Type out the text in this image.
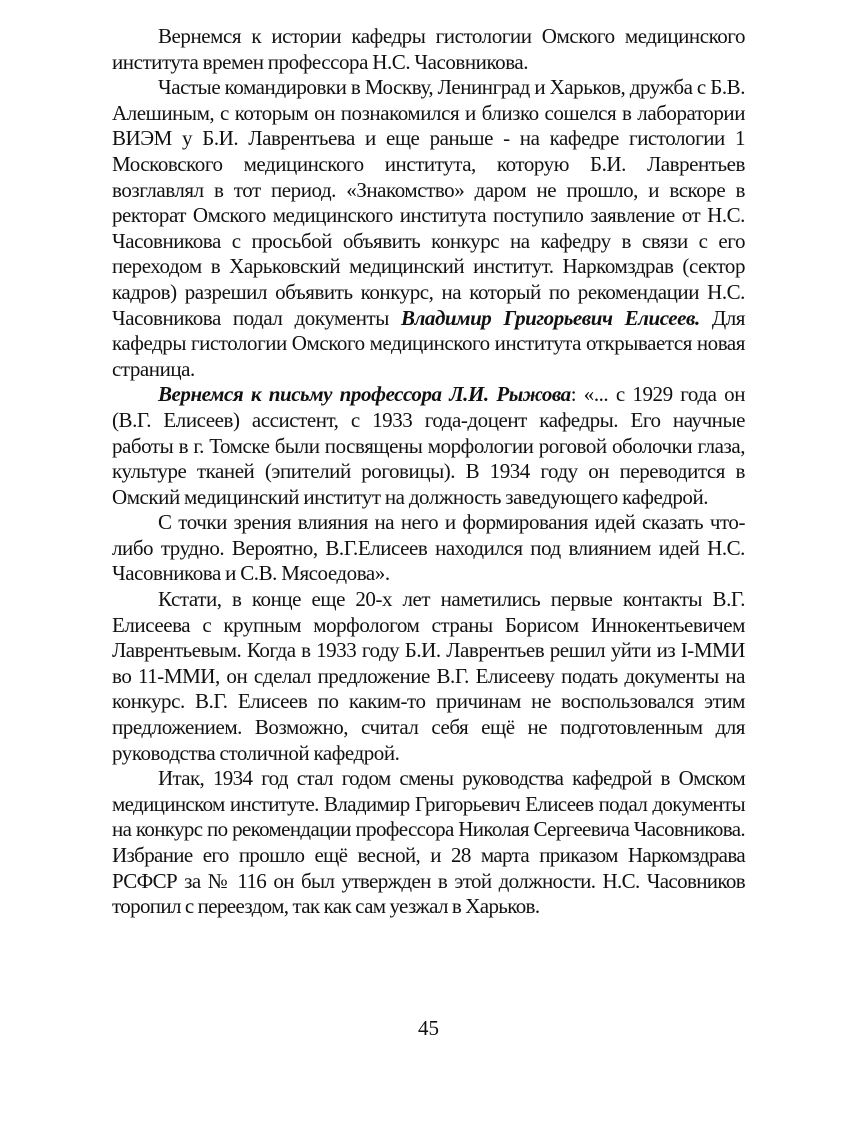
Вернемся к истории кафедры гистологии Омского медицинского института времен профессора Н.С. Часовникова.

Частые командировки в Москву, Ленинград и Харьков, дружба с Б.В. Алешиным, с которым он познакомился и близко сошелся в лаборатории ВИЭМ у Б.И. Лаврентьева и еще раньше - на кафедре гистологии 1 Московского медицинского института, которую Б.И. Лаврентьев возглавлял в тот период. «Знакомство» даром не прошло, и вскоре в ректорат Омского медицинского института поступило заявление от Н.С. Часовникова с просьбой объявить конкурс на кафедру в связи с его переходом в Харьковский медицинский институт. Наркомздрав (сектор кадров) разрешил объявить конкурс, на который по рекомендации Н.С. Часовникова подал документы Владимир Григорьевич Елисеев. Для кафедры гистологии Омского медицинского института открывается новая страница.

Вернемся к письму профессора Л.И. Рыжова: «... с 1929 года он (В.Г. Елисеев) ассистент, с 1933 года-доцент кафедры. Его научные работы в г. Томске были посвящены морфологии роговой оболочки глаза, культуре тканей (эпителий роговицы). В 1934 году он переводится в Омский медицинский институт на должность заведующего кафедрой.

С точки зрения влияния на него и формирования идей сказать что-либо трудно. Вероятно, В.Г.Елисеев находился под влиянием идей Н.С. Часовникова и С.В. Мясоедова».

Кстати, в конце еще 20-х лет наметились первые контакты В.Г. Елисеева с крупным морфологом страны Борисом Иннокентьевичем Лаврентьевым. Когда в 1933 году Б.И. Лаврентьев решил уйти из I-ММИ во 11-ММИ, он сделал предложение В.Г. Елисееву подать документы на конкурс. В.Г. Елисеев по каким-то причинам не воспользовался этим предложением. Возможно, считал себя ещё не подготовленным для руководства столичной кафедрой.

Итак, 1934 год стал годом смены руководства кафедрой в Омском медицинском институте. Владимир Григорьевич Елисеев подал документы на конкурс по рекомендации профессора Николая Сергеевича Часовникова. Избрание его прошло ещё весной, и 28 марта приказом Наркомздрава РСФСР за № 116 он был утвержден в этой должности. Н.С. Часовников торопил с переездом, так как сам уезжал в Харьков.

45
